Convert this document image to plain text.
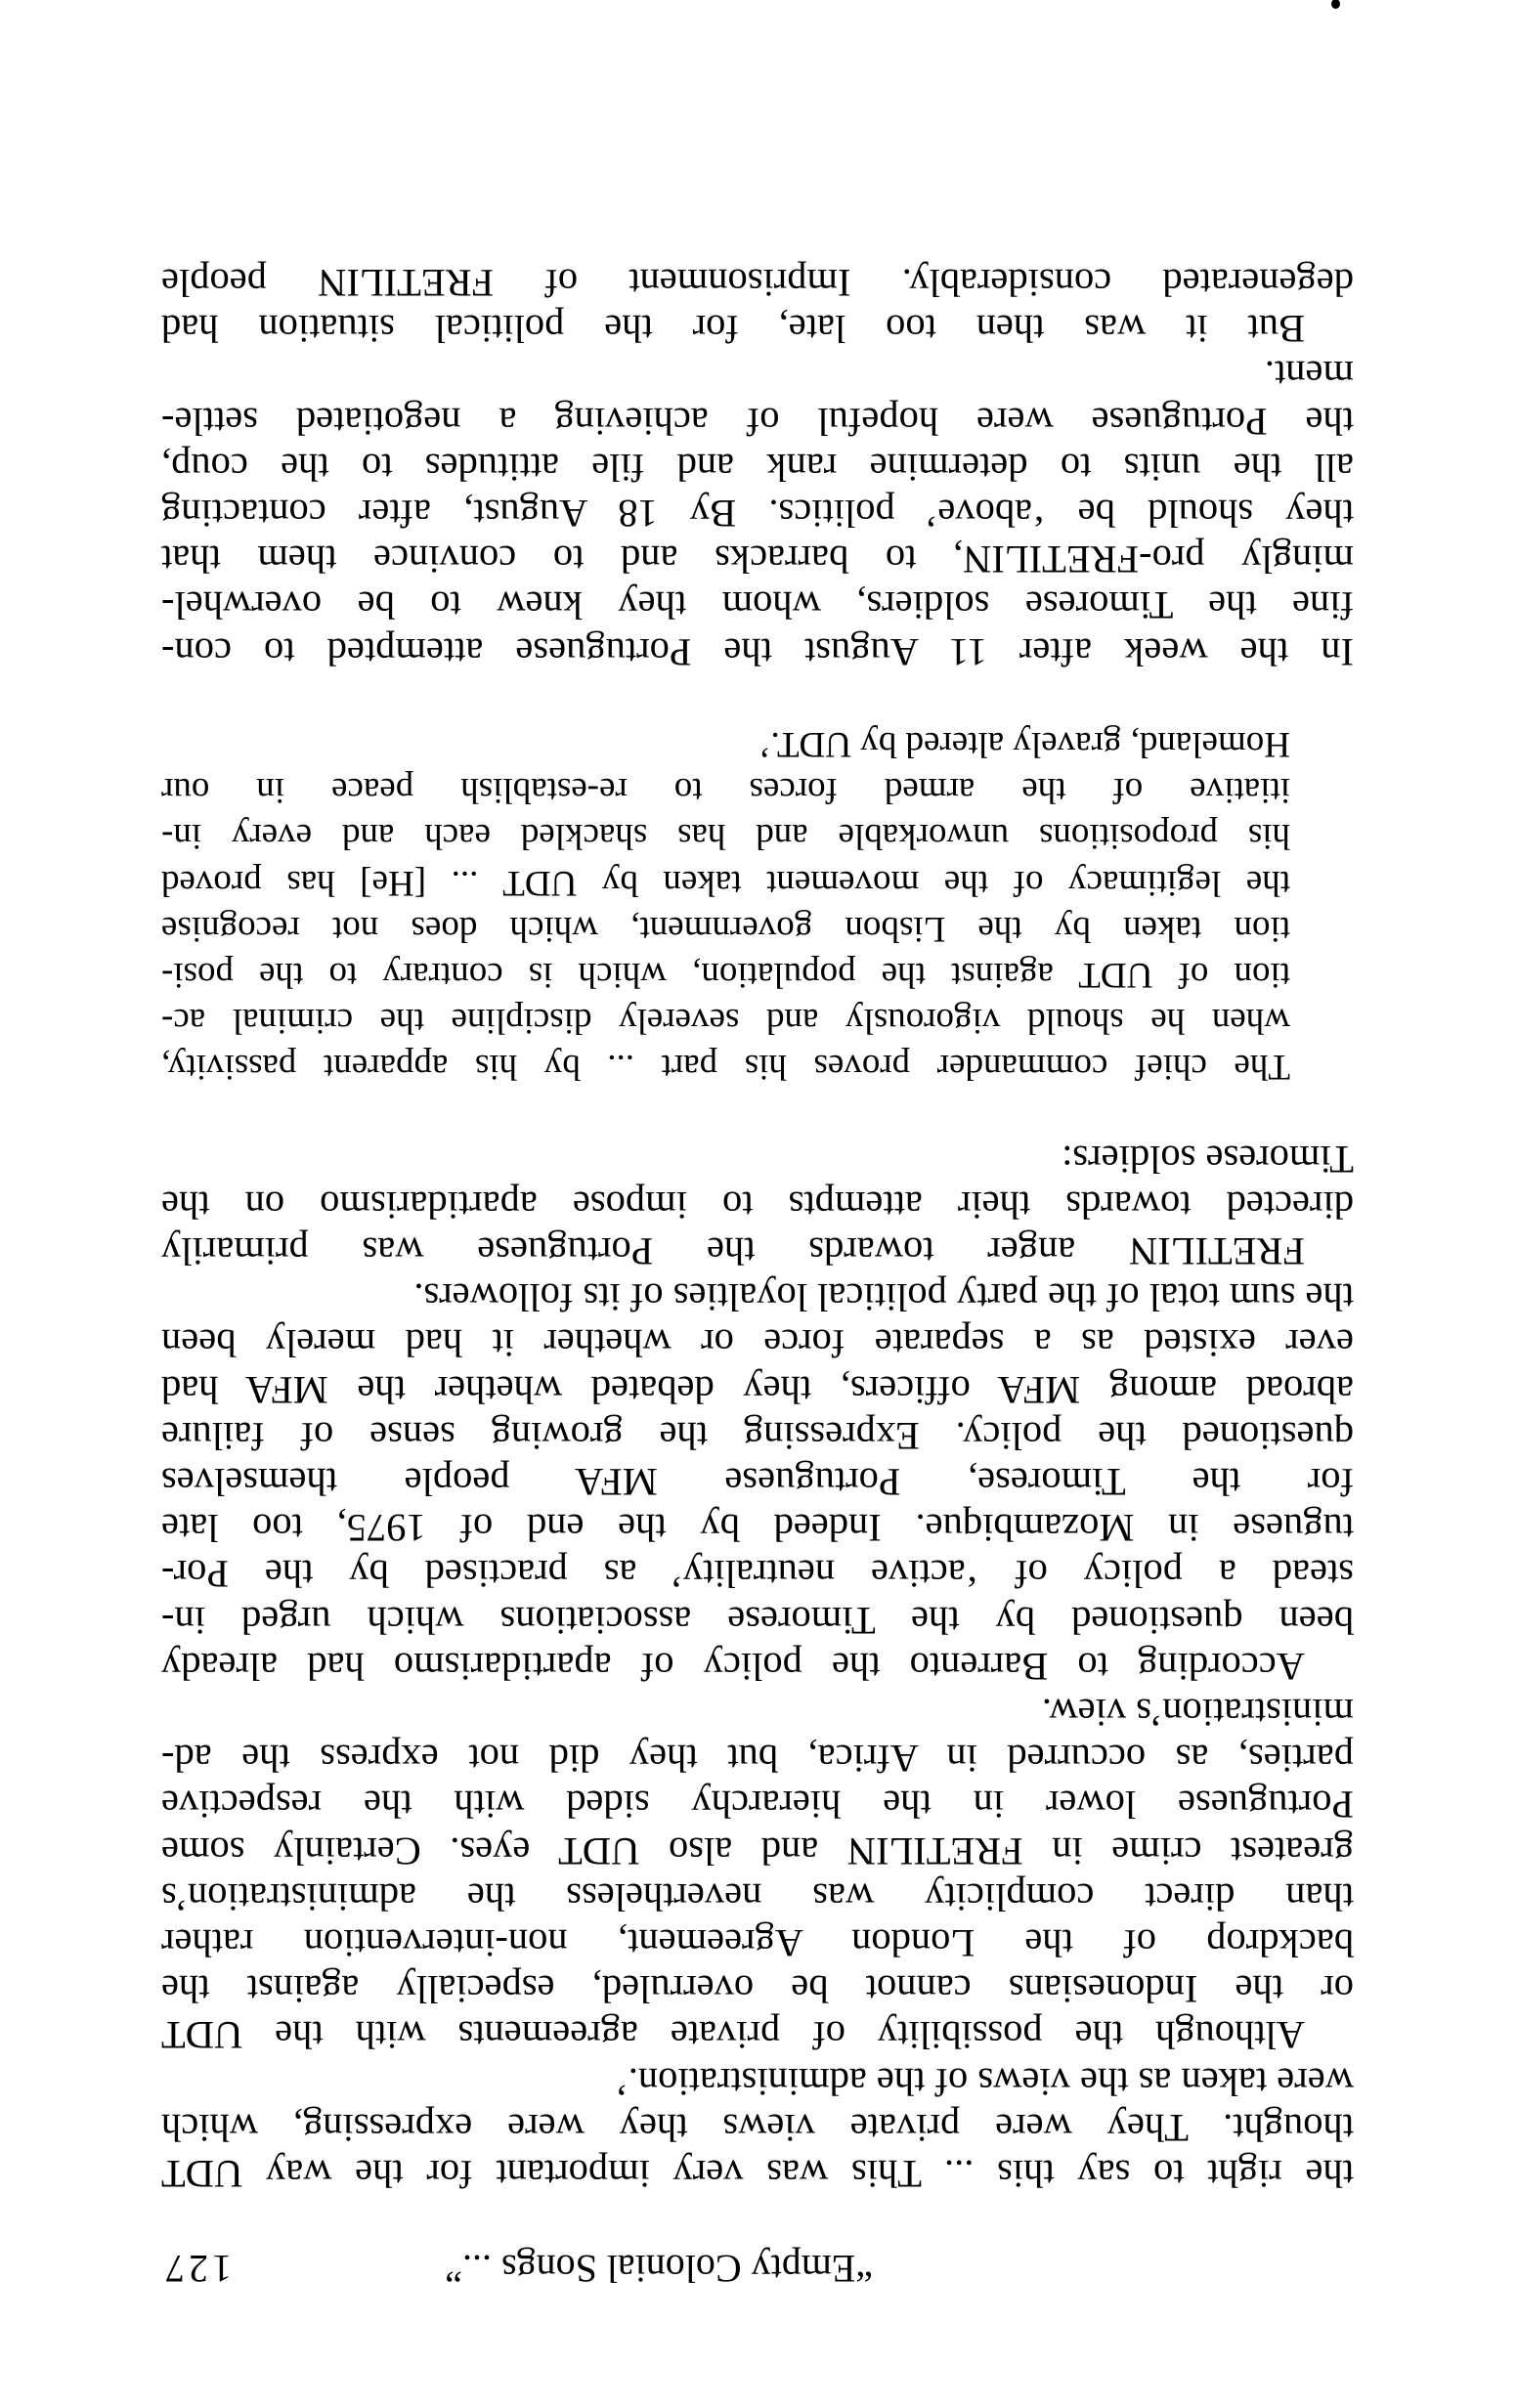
“Empty Colonial Songs ...”
127
the right to say this ... This was very important for the way UDT
thought. They were private views they were expressing, which
were taken as the views of the administration.’
Although the possibility of private agreements with the UDT
or the Indonesians cannot be overruled, especially against the
backdrop of the London Agreement, non-intervention rather
than direct complicity was nevertheless the administration’s
greatest crime in FRETILIN and also UDT eyes. Certainly some
Portuguese lower in the hierarchy sided with the respective
parties, as occurred in Africa, but they did not express the ad-
ministration’s view.
According to Barrento the policy of apartidarismo had already
been questioned by the Timorese associations which urged in-
stead a policy of ‘active neutrality’ as practised by the Por-
tuguese in Mozambique. Indeed by the end of 1975, too late
for the Timorese, Portuguese MFA people themselves
questioned the policy. Expressing the growing sense of failure
abroad among MFA officers, they debated whether the MFA had
ever existed as a separate force or whether it had merely been
the sum total of the party political loyalties of its followers.
FRETILIN anger towards the Portuguese was primarily
directed towards their attempts to impose apartidarismo on the
Timorese soldiers:
The chief commander proves his part ... by his apparent passivity,
when he should vigorously and severely discipline the criminal ac-
tion of UDT against the population, which is contrary to the posi-
tion taken by the Lisbon government, which does not recognise
the legitimacy of the movement taken by UDT ... [He] has proved
his propositions unworkable and has shackled each and every in-
itiative of the armed forces to re-establish peace in our
Homeland, gravely altered by UDT.’
In the week after 11 August the Portuguese attempted to con-
fine the Timorese soldiers, whom they knew to be overwhel-
mingly pro-FRETILIN, to barracks and to convince them that
they should be ‘above’ politics. By 18 August, after contacting
all the units to determine rank and file attitudes to the coup,
the Portuguese were hopeful of achieving a negotiated settle-
ment.
But it was then too late, for the political situation had
degenerated considerably. Imprisonment of FRETILIN people
